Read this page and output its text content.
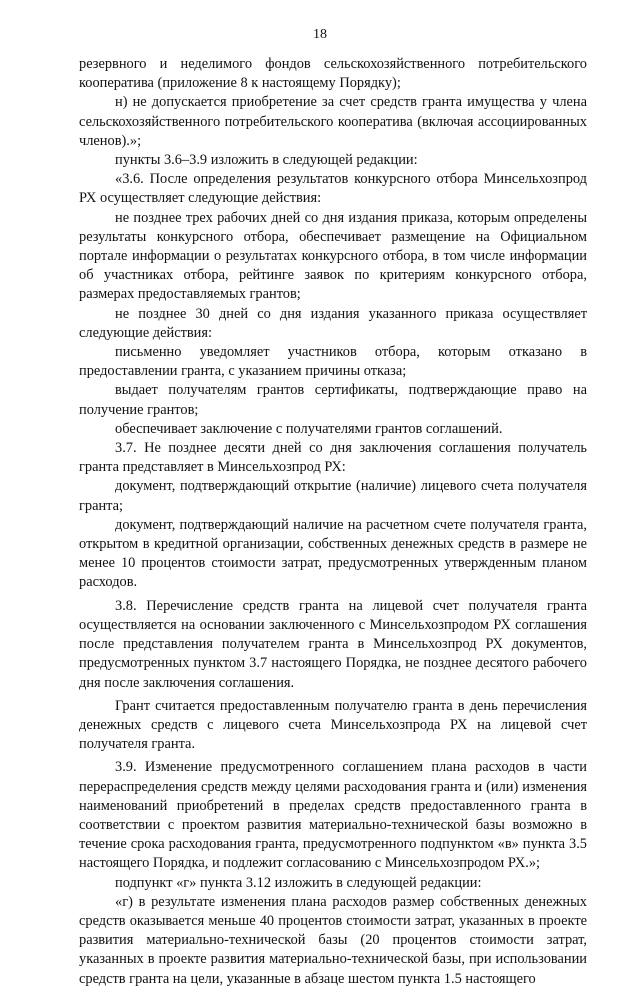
18

резервного и неделимого фондов сельскохозяйственного потребительского кооператива (приложение 8 к настоящему Порядку);

н) не допускается приобретение за счет средств гранта имущества у члена сельскохозяйственного потребительского кооператива (включая ассоциированных членов).»;

пункты 3.6–3.9 изложить в следующей редакции:

«3.6. После определения результатов конкурсного отбора Минсельхозпрод РХ осуществляет следующие действия:

не позднее трех рабочих дней со дня издания приказа, которым определены результаты конкурсного отбора, обеспечивает размещение на Официальном портале информации о результатах конкурсного отбора, в том числе информации об участниках отбора, рейтинге заявок по критериям конкурсного отбора, размерах предоставляемых грантов;

не позднее 30 дней со дня издания указанного приказа осуществляет следующие действия:

письменно уведомляет участников отбора, которым отказано в предоставлении гранта, с указанием причины отказа;

выдает получателям грантов сертификаты, подтверждающие право на получение грантов;

обеспечивает заключение с получателями грантов соглашений.

3.7. Не позднее десяти дней со дня заключения соглашения получатель гранта представляет в Минсельхозпрод РХ:

документ, подтверждающий открытие (наличие) лицевого счета получателя гранта;

документ, подтверждающий наличие на расчетном счете получателя гранта, открытом в кредитной организации, собственных денежных средств в размере не менее 10 процентов стоимости затрат, предусмотренных утвержденным планом расходов.

3.8. Перечисление средств гранта на лицевой счет получателя гранта осуществляется на основании заключенного с Минсельхозпродом РХ соглашения после представления получателем гранта в Минсельхозпрод РХ документов, предусмотренных пунктом 3.7 настоящего Порядка, не позднее десятого рабочего дня после заключения соглашения.

Грант считается предоставленным получателю гранта в день перечисления денежных средств с лицевого счета Минсельхозпрода РХ на лицевой счет получателя гранта.

3.9. Изменение предусмотренного соглашением плана расходов в части перераспределения средств между целями расходования гранта и (или) изменения наименований приобретений в пределах средств предоставленного гранта в соответствии с проектом развития материально-технической базы возможно в течение срока расходования гранта, предусмотренного подпунктом «в» пункта 3.5 настоящего Порядка, и подлежит согласованию с Минсельхозпродом РХ.»;

подпункт «г» пункта 3.12 изложить в следующей редакции:

«г) в результате изменения плана расходов размер собственных денежных средств оказывается меньше 40 процентов стоимости затрат, указанных в проекте развития материально-технической базы (20 процентов стоимости затрат, указанных в проекте развития материально-технической базы, при использовании средств гранта на цели, указанные в абзаце шестом пункта 1.5 настоящего
